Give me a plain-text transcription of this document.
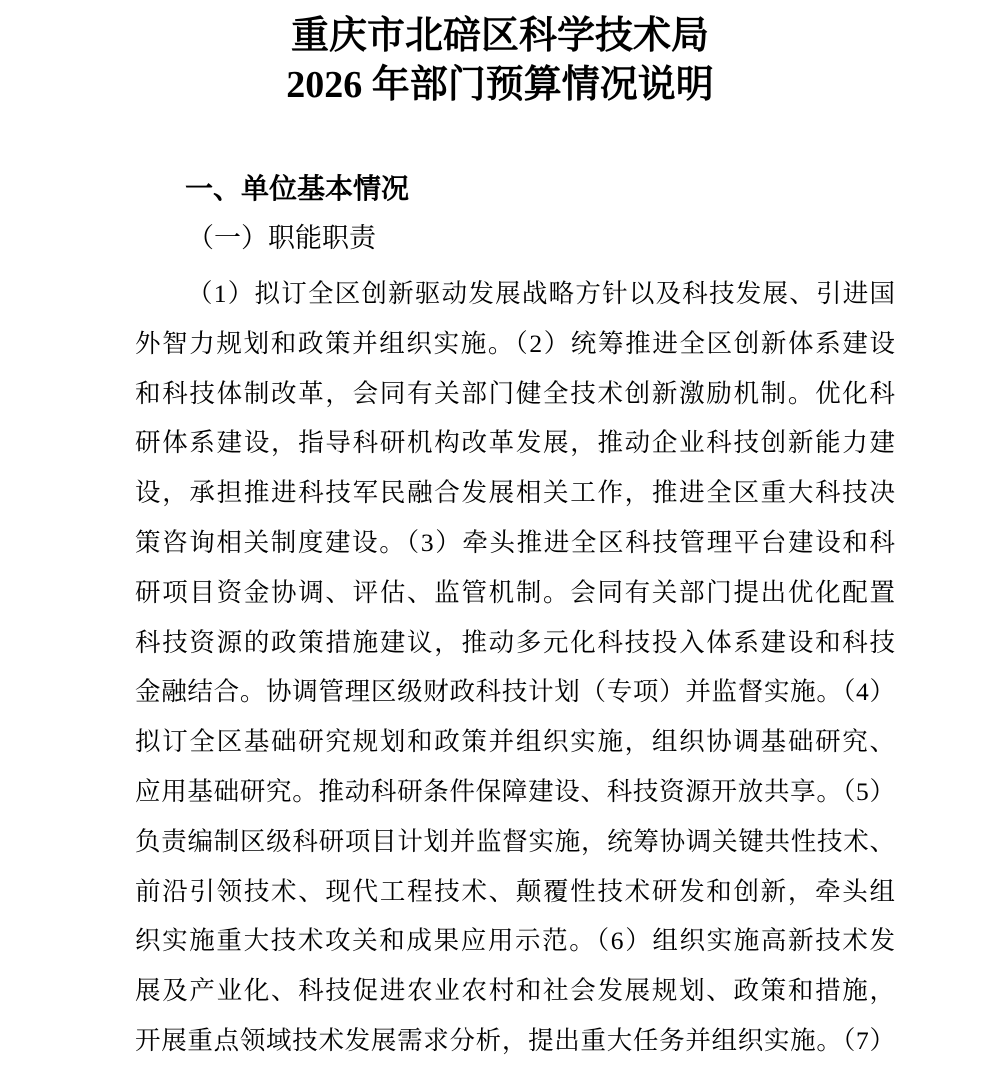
重庆市北碚区科学技术局
2026 年部门预算情况说明
一、单位基本情况
（一）职能职责
（1）拟订全区创新驱动发展战略方针以及科技发展、引进国
外智力规划和政策并组织实施。（2）统筹推进全区创新体系建设
和科技体制改革，会同有关部门健全技术创新激励机制。优化科
研体系建设，指导科研机构改革发展，推动企业科技创新能力建
设，承担推进科技军民融合发展相关工作，推进全区重大科技决
策咨询相关制度建设。（3）牵头推进全区科技管理平台建设和科
研项目资金协调、评估、监管机制。会同有关部门提出优化配置
科技资源的政策措施建议，推动多元化科技投入体系建设和科技
金融结合。协调管理区级财政科技计划（专项）并监督实施。（4）
拟订全区基础研究规划和政策并组织实施，组织协调基础研究、
应用基础研究。推动科研条件保障建设、科技资源开放共享。（5）
负责编制区级科研项目计划并监督实施，统筹协调关键共性技术、
前沿引领技术、现代工程技术、颠覆性技术研发和创新，牵头组
织实施重大技术攻关和成果应用示范。（6）组织实施高新技术发
展及产业化、科技促进农业农村和社会发展规划、政策和措施，
开展重点领域技术发展需求分析，提出重大任务并组织实施。（7）
